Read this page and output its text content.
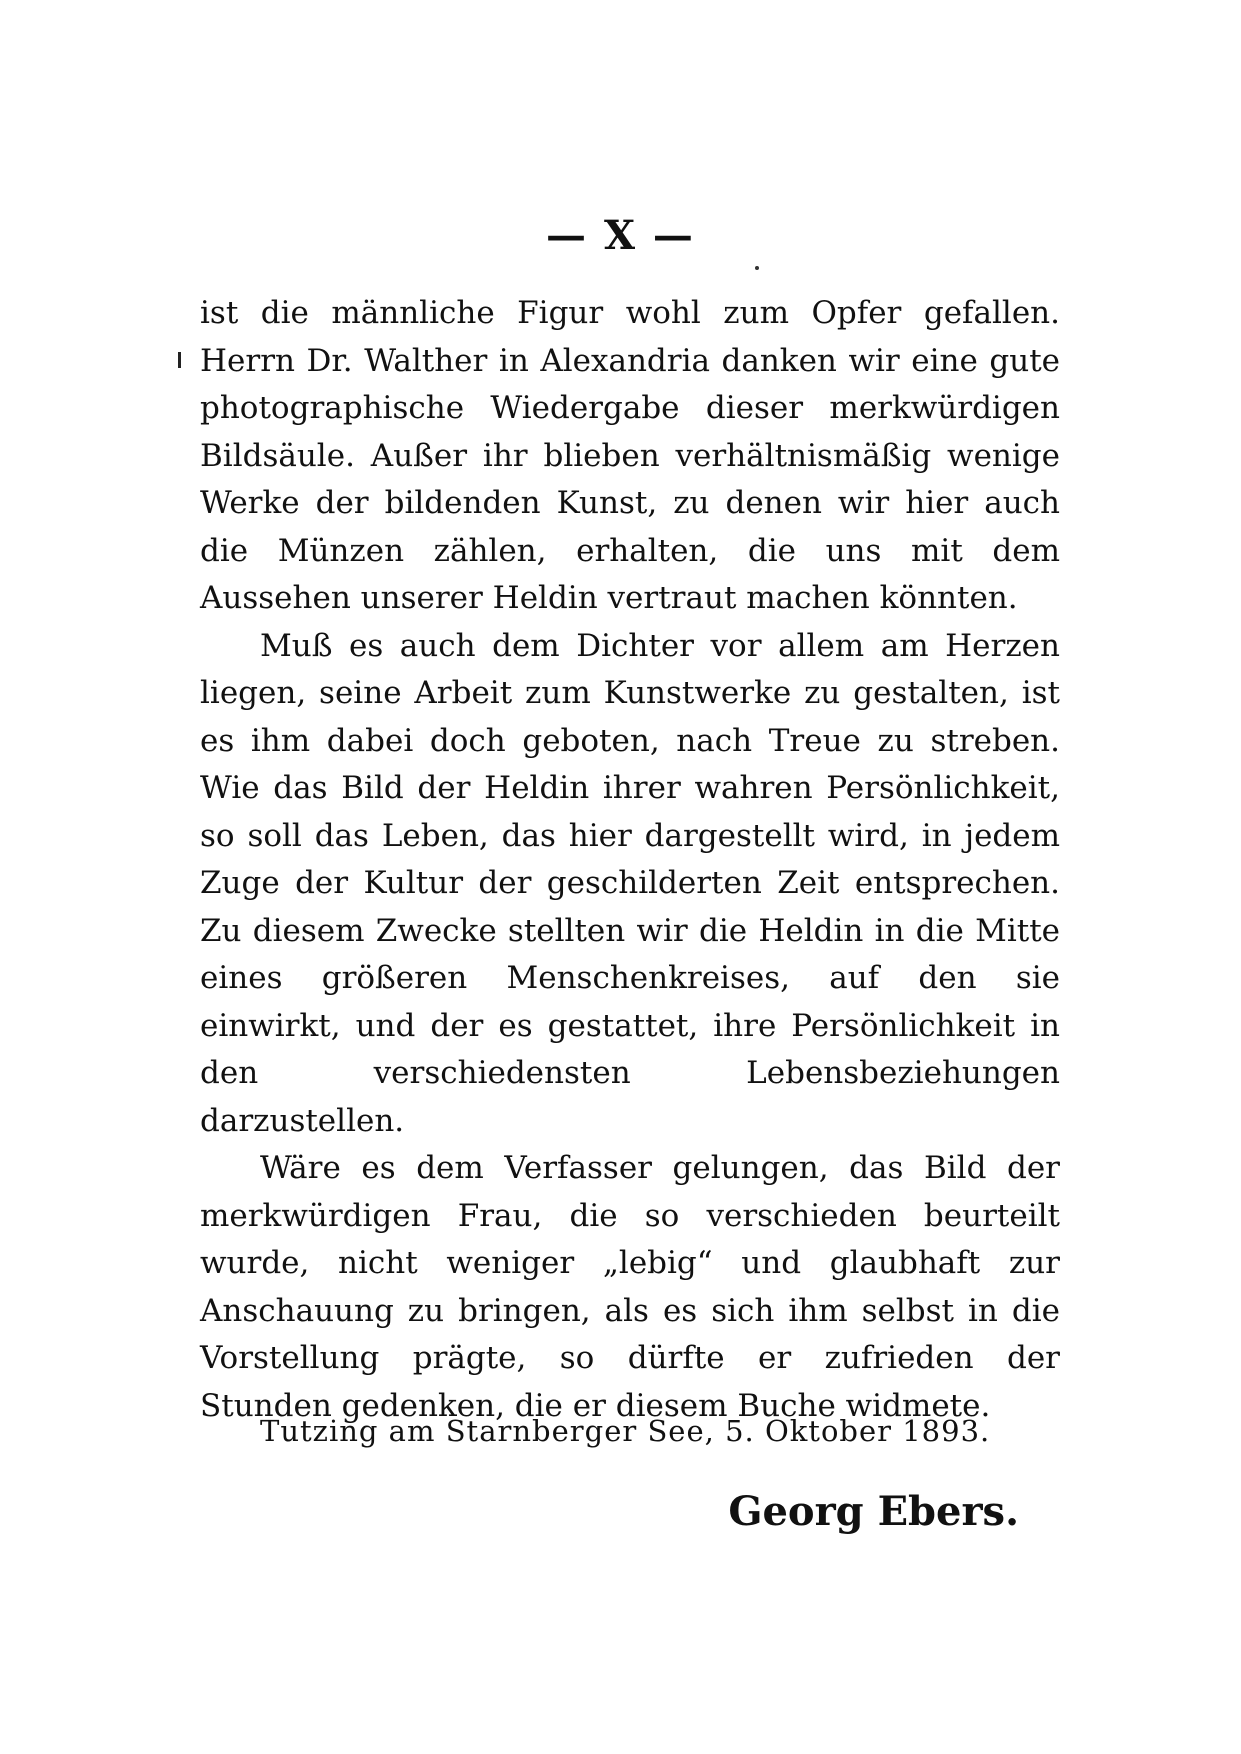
— X —

ist die männliche Figur wohl zum Opfer gefallen. Herrn Dr. Walther in Alexandria danken wir eine gute photographische Wiedergabe dieser merkwürdigen Bildsäule. Außer ihr blieben verhältnismäßig wenige Werke der bildenden Kunst, zu denen wir hier auch die Münzen zählen, erhalten, die uns mit dem Aussehen unserer Heldin vertraut machen könnten.

Muß es auch dem Dichter vor allem am Herzen liegen, seine Arbeit zum Kunstwerke zu gestalten, ist es ihm dabei doch geboten, nach Treue zu streben. Wie das Bild der Heldin ihrer wahren Persönlichkeit, so soll das Leben, das hier dargestellt wird, in jedem Zuge der Kultur der geschilderten Zeit entsprechen. Zu diesem Zwecke stellten wir die Heldin in die Mitte eines größeren Menschenkreises, auf den sie einwirkt, und der es gestattet, ihre Persönlichkeit in den verschiedensten Lebensbeziehungen darzustellen.

Wäre es dem Verfasser gelungen, das Bild der merkwürdigen Frau, die so verschieden beurteilt wurde, nicht weniger „lebig“ und glaubhaft zur Anschauung zu bringen, als es sich ihm selbst in die Vorstellung prägte, so dürfte er zufrieden der Stunden gedenken, die er diesem Buche widmete.

Tutzing am Starnberger See, 5. Oktober 1893.
Georg Ebers.
